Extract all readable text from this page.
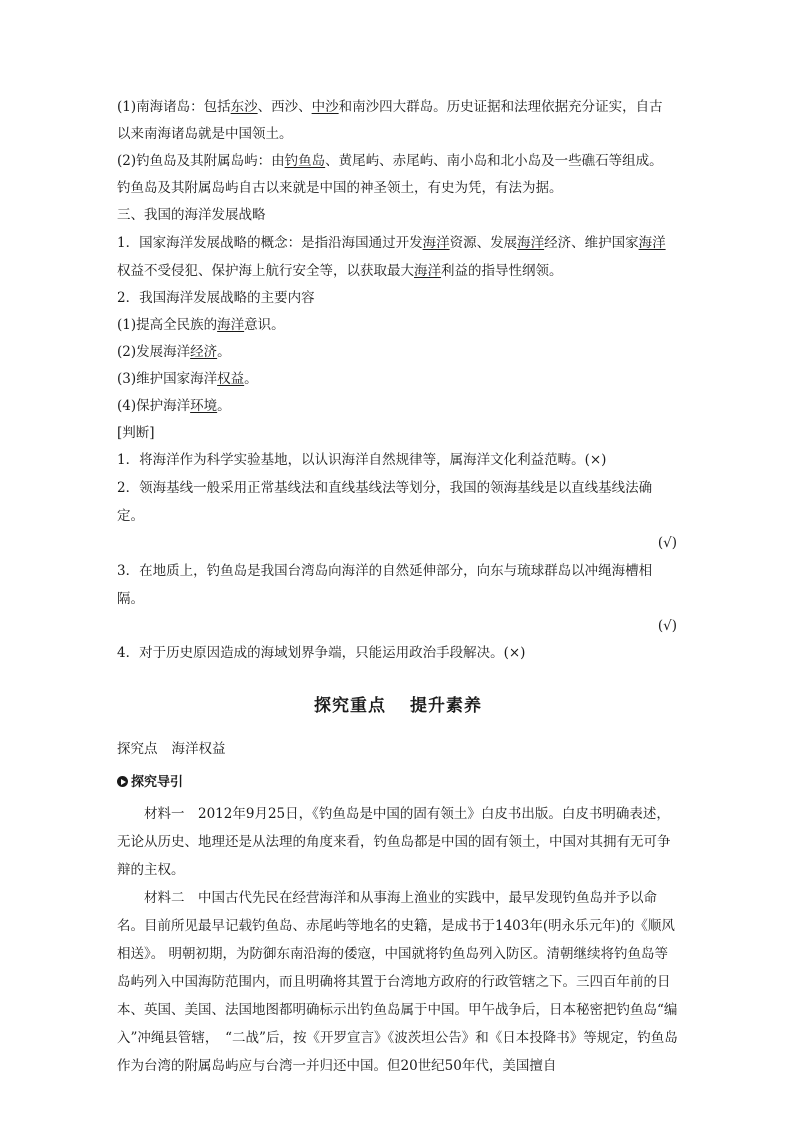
(1)南海诸岛：包括东沙、西沙、中沙和南沙四大群岛。历史证据和法理依据充分证实，自古
以来南海诸岛就是中国领土。
(2)钓鱼岛及其附属岛屿：由钓鱼岛、黄尾屿、赤尾屿、南小岛和北小岛及一些礁石等组成。
钓鱼岛及其附属岛屿自古以来就是中国的神圣领土，有史为凭，有法为据。
三、我国的海洋发展战略
1．国家海洋发展战略的概念：是指沿海国通过开发海洋资源、发展海洋经济、维护国家海洋权益不受侵犯、保护海上航行安全等，以获取最大海洋利益的指导性纲领。
2．我国海洋发展战略的主要内容
(1)提高全民族的海洋意识。
(2)发展海洋经济。
(3)维护国家海洋权益。
(4)保护海洋环境。
[判断]
1．将海洋作为科学实验基地，以认识海洋自然规律等，属海洋文化利益范畴。(×)
2．领海基线一般采用正常基线法和直线基线法等划分，我国的领海基线是以直线基线法确定。
(√)
3．在地质上，钓鱼岛是我国台湾岛向海洋的自然延伸部分，向东与琉球群岛以冲绳海槽相隔。
(√)
4．对于历史原因造成的海域划界争端，只能运用政治手段解决。(×)
探究重点 提升素养
探究点 海洋权益
探究导引
材料一　2012年9月25日，《钓鱼岛是中国的固有领土》白皮书出版。白皮书明确表述，无论从历史、地理还是从法理的角度来看，钓鱼岛都是中国的固有领土，中国对其拥有无可争辩的主权。
材料二　中国古代先民在经营海洋和从事海上渔业的实践中，最早发现钓鱼岛并予以命名。目前所见最早记载钓鱼岛、赤尾屿等地名的史籍，是成书于1403年(明永乐元年)的《顺风相送》。 明朝初期，为防御东南沿海的倭寇，中国就将钓鱼岛列入防区。清朝继续将钓鱼岛等岛屿列入中国海防范围内，而且明确将其置于台湾地方政府的行政管辖之下。三四百年前的日本、英国、美国、法国地图都明确标示出钓鱼岛属于中国。甲午战争后，日本秘密把钓鱼岛“编入”冲绳县管辖，　“二战”后，按《开罗宣言》《波茨坦公告》和《日本投降书》等规定，钓鱼岛作为台湾的附属岛屿应与台湾一并归还中国。但20世纪50年代，美国擅自
